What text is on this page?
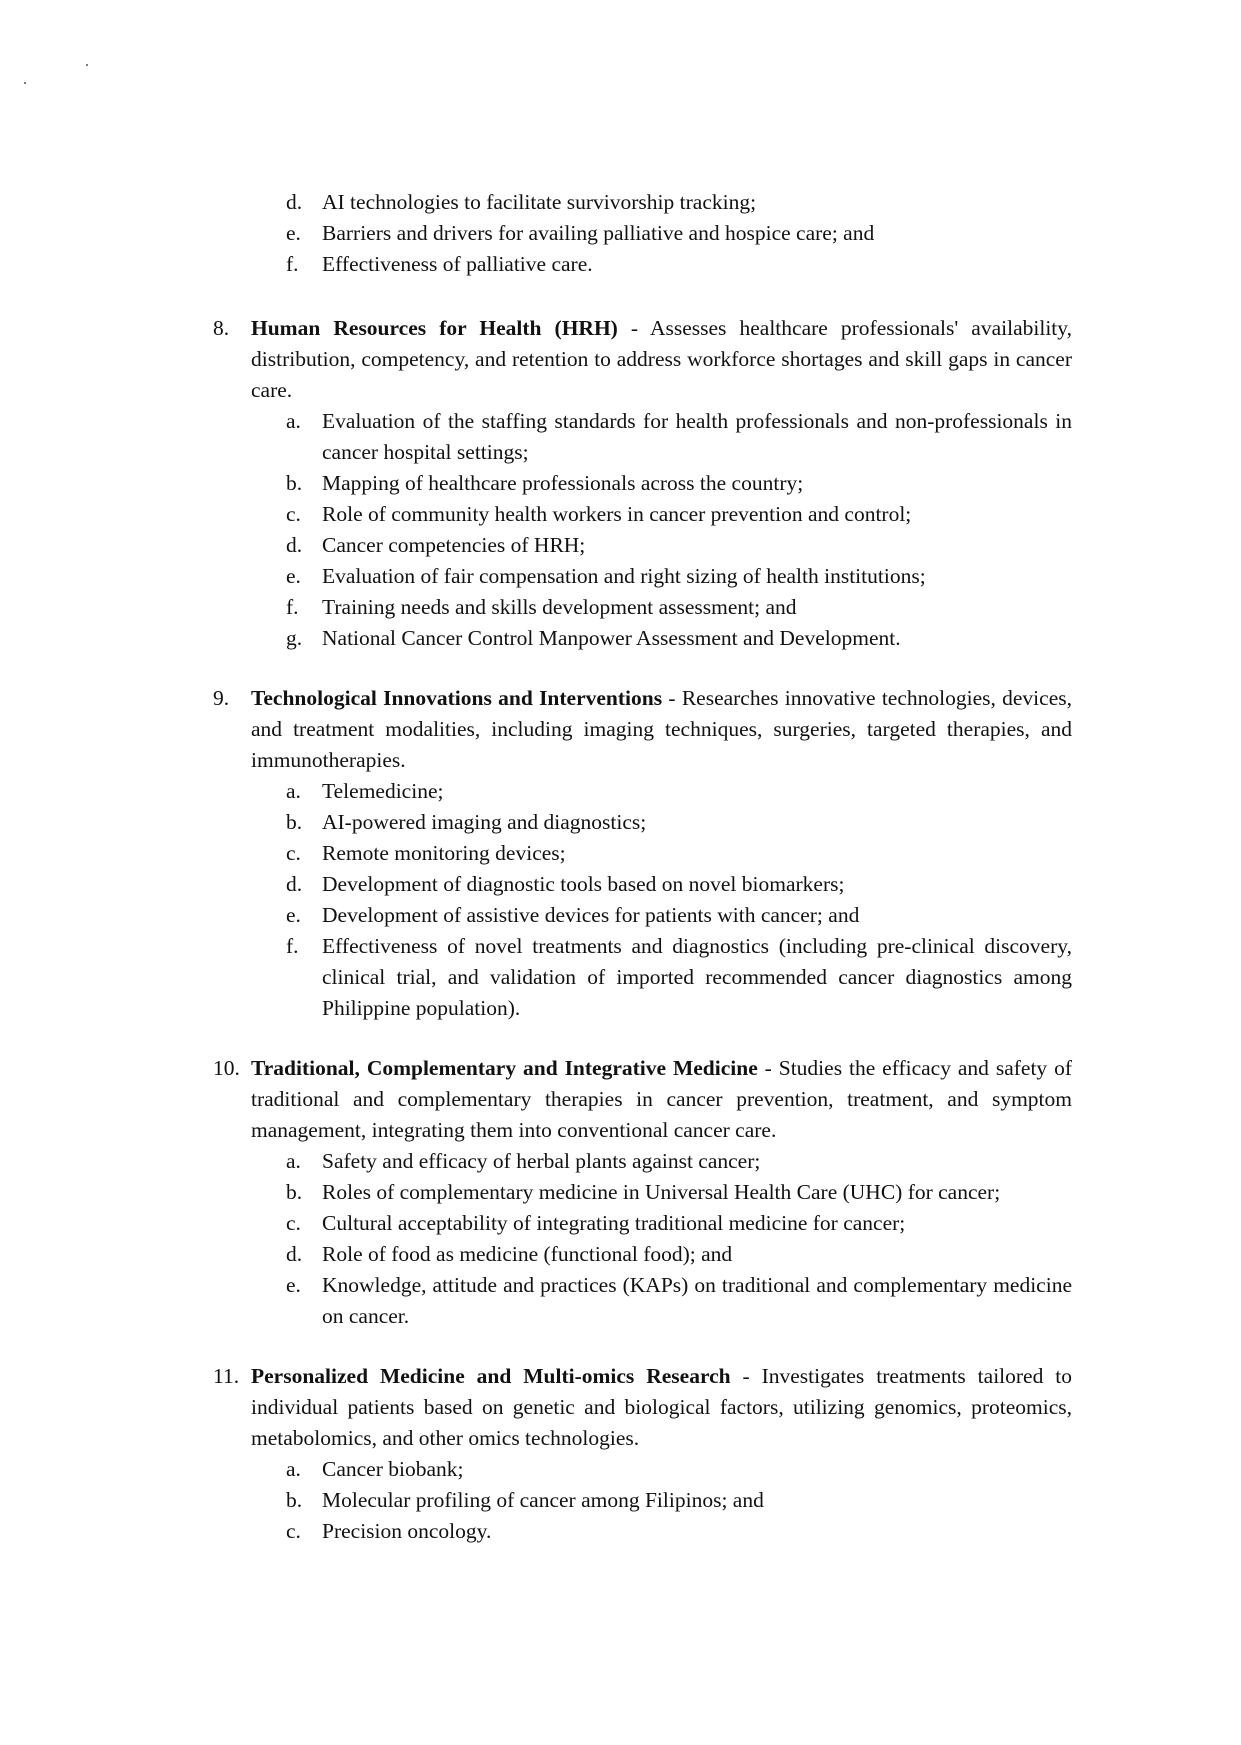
d. AI technologies to facilitate survivorship tracking;
e. Barriers and drivers for availing palliative and hospice care; and
f.	Effectiveness of palliative care.
8. Human Resources for Health (HRH) - Assesses healthcare professionals' availability, distribution, competency, and retention to address workforce shortages and skill gaps in cancer care.
a. Evaluation of the staffing standards for health professionals and non-professionals in cancer hospital settings;
b. Mapping of healthcare professionals across the country;
c. Role of community health workers in cancer prevention and control;
d. Cancer competencies of HRH;
e. Evaluation of fair compensation and right sizing of health institutions;
f.	Training needs and skills development assessment; and
g. National Cancer Control Manpower Assessment and Development.
9. Technological Innovations and Interventions - Researches innovative technologies, devices, and treatment modalities, including imaging techniques, surgeries, targeted therapies, and immunotherapies.
a. Telemedicine;
b. AI-powered imaging and diagnostics;
c. Remote monitoring devices;
d. Development of diagnostic tools based on novel biomarkers;
e. Development of assistive devices for patients with cancer; and
f.	Effectiveness of novel treatments and diagnostics (including pre-clinical discovery, clinical trial, and validation of imported recommended cancer diagnostics among Philippine population).
10. Traditional, Complementary and Integrative Medicine - Studies the efficacy and safety of traditional and complementary therapies in cancer prevention, treatment, and symptom management, integrating them into conventional cancer care.
a. Safety and efficacy of herbal plants against cancer;
b. Roles of complementary medicine in Universal Health Care (UHC) for cancer;
c. Cultural acceptability of integrating traditional medicine for cancer;
d. Role of food as medicine (functional food); and
e. Knowledge, attitude and practices (KAPs) on traditional and complementary medicine on cancer.
11. Personalized Medicine and Multi-omics Research - Investigates treatments tailored to individual patients based on genetic and biological factors, utilizing genomics, proteomics, metabolomics, and other omics technologies.
a. Cancer biobank;
b. Molecular profiling of cancer among Filipinos; and
c. Precision oncology.
